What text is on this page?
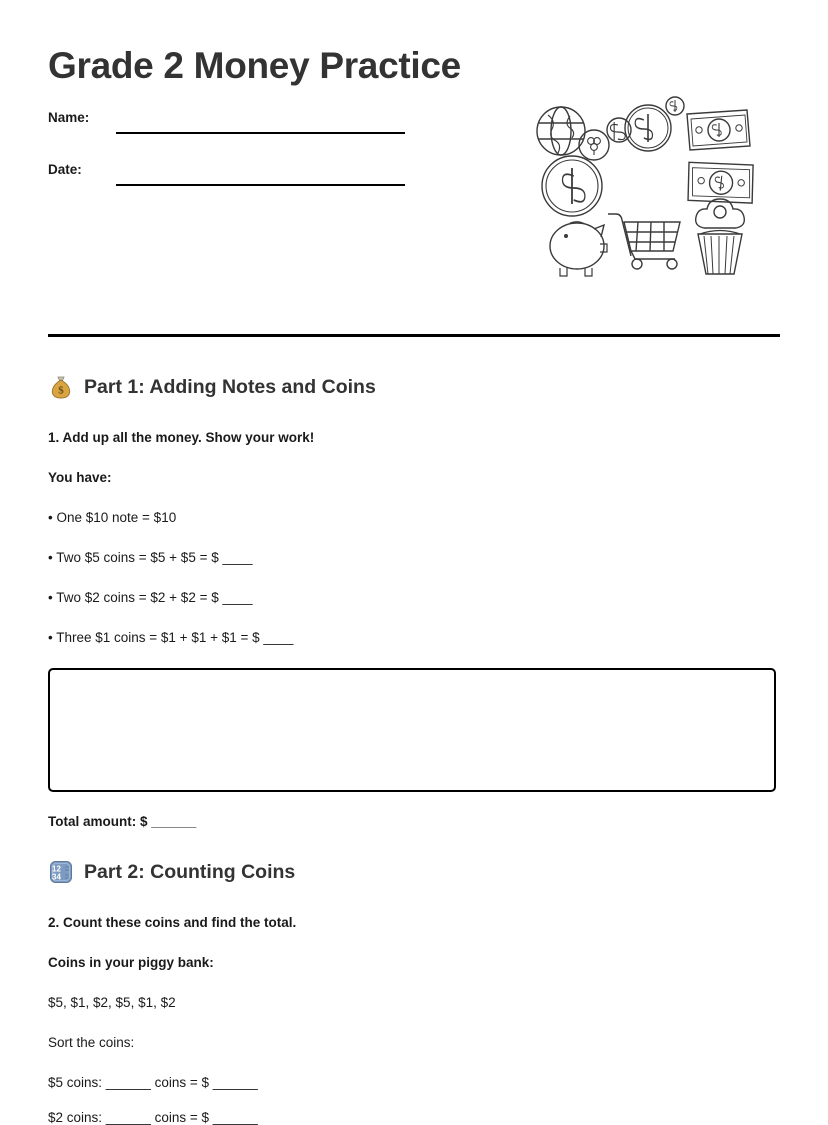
Grade 2 Money Practice
Name:
Date:
$ Part 1: Adding Notes and Coins
1. Add up all the money. Show your work!
You have:
• One $10 note = $10
• Two $5 coins = $5 + $5 = $ ____
• Two $2 coins = $2 + $2 = $ ____
• Three $1 coins = $1 + $1 + $1 = $ ____
Total amount: $ ______
12
34 Part 2: Counting Coins
2. Count these coins and find the total.
Coins in your piggy bank:
$5, $1, $2, $5, $1, $2
Sort the coins:
$5 coins: ______ coins = $ ______
$2 coins: ______ coins = $ ______
